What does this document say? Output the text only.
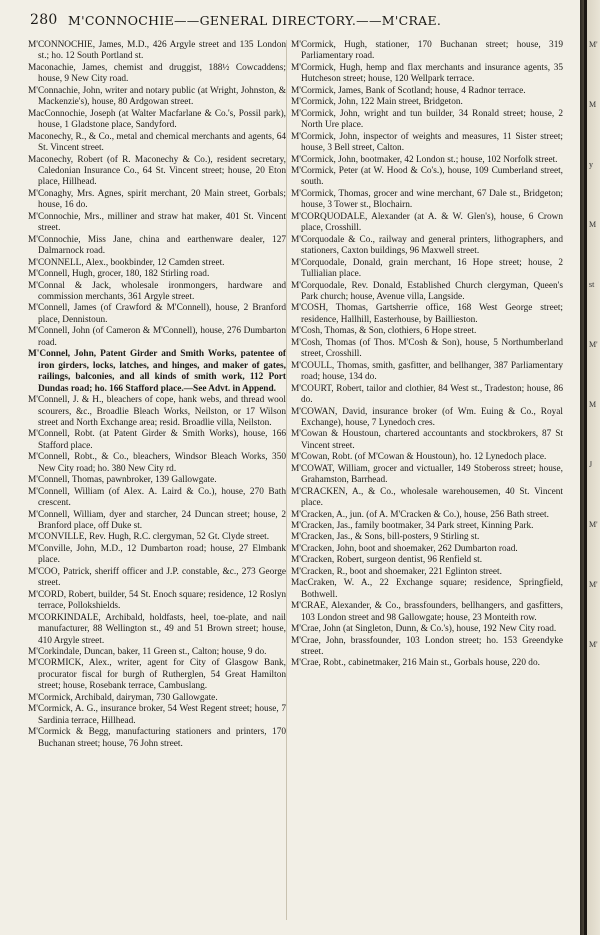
280 M'CONNOCHIE——GENERAL DIRECTORY.——M'CRAE.

M'CONNOCHIE, James, M.D., 426 Argyle street and 135 London st.; ho. 12 South Portland st.

Maconachie, James, chemist and druggist, 188½ Cowcaddens; house, 9 New City road.

M'Connachie, John, writer and notary public (at Wright, Johnston, & Mackenzie's), house, 80 Ardgowan street.

MacConnochie, Joseph (at Walter Macfarlane & Co.'s, Possil park), house, 1 Gladstone place, Sandyford.

Maconechy, R., & Co., metal and chemical merchants and agents, 64 St. Vincent street.

Maconechy, Robert (of R. Maconechy & Co.), resident secretary, Caledonian Insurance Co., 64 St. Vincent street; house, 20 Eton place, Hillhead.

M'Conaghy, Mrs. Agnes, spirit merchant, 20 Main street, Gorbals; house, 16 do.

M'Connochie, Mrs., milliner and straw hat maker, 401 St. Vincent street.

M'Connochie, Miss Jane, china and earthenware dealer, 127 Dalmarnock road.

M'CONNELL, Alex., bookbinder, 12 Camden street.

M'Connell, Hugh, grocer, 180, 182 Stirling road.

M'Connal & Jack, wholesale ironmongers, hardware and commission merchants, 361 Argyle street.

M'Connell, James (of Crawford & M'Connell), house, 2 Branford place, Dennistoun.

M'Connell, John (of Cameron & M'Connell), house, 276 Dumbarton road.

M'Connel, John, Patent Girder and Smith Works, patentee of iron girders, locks, latches, and hinges, and maker of gates, railings, balconies, and all kinds of smith work, 112 Port Dundas road; ho. 166 Stafford place.—See Advt. in Append.

M'Connell, J. & H., bleachers of cope, hank webs, and thread wool scourers, &c., Broadlie Bleach Works, Neilston, or 17 Wilson street and North Exchange area; resid. Broadlie villa, Neilston.

M'Connell, Robt. (at Patent Girder & Smith Works), house, 166 Stafford place.

M'Connell, Robt., & Co., bleachers, Windsor Bleach Works, 350 New City road; ho. 380 New City rd.

M'Connell, Thomas, pawnbroker, 139 Gallowgate.

M'Connell, William (of Alex. A. Laird & Co.), house, 270 Bath crescent.

M'Connell, William, dyer and starcher, 24 Duncan street; house, 2 Branford place, off Duke st.

M'CONVILLE, Rev. Hugh, R.C. clergyman, 52 Gt. Clyde street.

M'Conville, John, M.D., 12 Dumbarton road; house, 27 Elmbank place.

M'COO, Patrick, sheriff officer and J.P. constable, &c., 273 George street.

M'CORD, Robert, builder, 54 St. Enoch square; residence, 12 Roslyn terrace, Pollokshields.

M'CORKINDALE, Archibald, holdfasts, heel, toe-plate, and nail manufacturer, 88 Wellington st., 49 and 51 Brown street; house, 410 Argyle street.

M'Corkindale, Duncan, baker, 11 Green st., Calton; house, 9 do.

M'CORMICK, Alex., writer, agent for City of Glasgow Bank, procurator fiscal for burgh of Rutherglen, 54 Great Hamilton street; house, Rosebank terrace, Cambuslang.

M'Cormick, Archibald, dairyman, 730 Gallowgate.

M'Cormick, A. G., insurance broker, 54 West Regent street; house, 7 Sardinia terrace, Hillhead.

M'Cormick & Begg, manufacturing stationers and printers, 170 Buchanan street; house, 76 John street.

M'Cormick, Hugh, stationer, 170 Buchanan street; house, 319 Parliamentary road.

M'Cormick, Hugh, hemp and flax merchants and insurance agents, 35 Hutcheson street; house, 120 Wellpark terrace.

M'Cormick, James, Bank of Scotland; house, 4 Radnor terrace.

M'Cormick, John, 122 Main street, Bridgeton.

M'Cormick, John, wright and tun builder, 34 Ronald street; house, 2 North Ure place.

M'Cormick, John, inspector of weights and measures, 11 Sister street; house, 3 Bell street, Calton.

M'Cormick, John, bootmaker, 42 London st.; house, 102 Norfolk street.

M'Cormick, Peter (at W. Hood & Co's.), house, 109 Cumberland street, south.

M'Cormick, Thomas, grocer and wine merchant, 67 Dale st., Bridgeton; house, 3 Tower st., Blochairn.

M'CORQUODALE, Alexander (at A. & W. Glen's), house, 6 Crown place, Crosshill.

M'Corquodale & Co., railway and general printers, lithographers, and stationers, Caxton buildings, 96 Maxwell street.

M'Corquodale, Donald, grain merchant, 16 Hope street; house, 2 Tullialian place.

M'Corquodale, Rev. Donald, Established Church clergyman, Queen's Park church; house, Avenue villa, Langside.

M'COSH, Thomas, Gartsherrie office, 168 West George street; residence, Hallhill, Easterhouse, by Baillieston.

M'Cosh, Thomas, & Son, clothiers, 6 Hope street.

M'Cosh, Thomas (of Thos. M'Cosh & Son), house, 5 Northumberland street, Crosshill.

M'COULL, Thomas, smith, gasfitter, and bellhanger, 387 Parliamentary road; house, 134 do.

M'COURT, Robert, tailor and clothier, 84 West st., Tradeston; house, 86 do.

M'COWAN, David, insurance broker (of Wm. Euing & Co., Royal Exchange), house, 7 Lynedoch cres.

M'Cowan & Houstoun, chartered accountants and stockbrokers, 87 St Vincent street.

M'Cowan, Robt. (of M'Cowan & Houstoun), ho. 12 Lynedoch place.

M'COWAT, William, grocer and victualler, 149 Stobeross street; house, Grahamston, Barrhead.

M'CRACKEN, A., & Co., wholesale warehousemen, 40 St. Vincent place.

M'Cracken, A., jun. (of A. M'Cracken & Co.), house, 256 Bath street.

M'Cracken, Jas., family bootmaker, 34 Park street, Kinning Park.

M'Cracken, Jas., & Sons, bill-posters, 9 Stirling st.

M'Cracken, John, boot and shoemaker, 262 Dumbarton road.

M'Cracken, Robert, surgeon dentist, 96 Renfield st.

M'Cracken, R., boot and shoemaker, 221 Eglinton street.

MacCraken, W. A., 22 Exchange square; residence, Springfield, Bothwell.

M'CRAE, Alexander, & Co., brassfounders, bellhangers, and gasfitters, 103 London street and 98 Gallowgate; house, 23 Monteith row.

M'Crae, John (at Singleton, Dunn, & Co.'s), house, 192 New City road.

M'Crae, John, brassfounder, 103 London street; ho. 153 Greendyke street.

M'Crae, Robt., cabinetmaker, 216 Main st., Gorbals house, 220 do.

M'
M
y
M
st
M'
M
J
M'
M'
M'
